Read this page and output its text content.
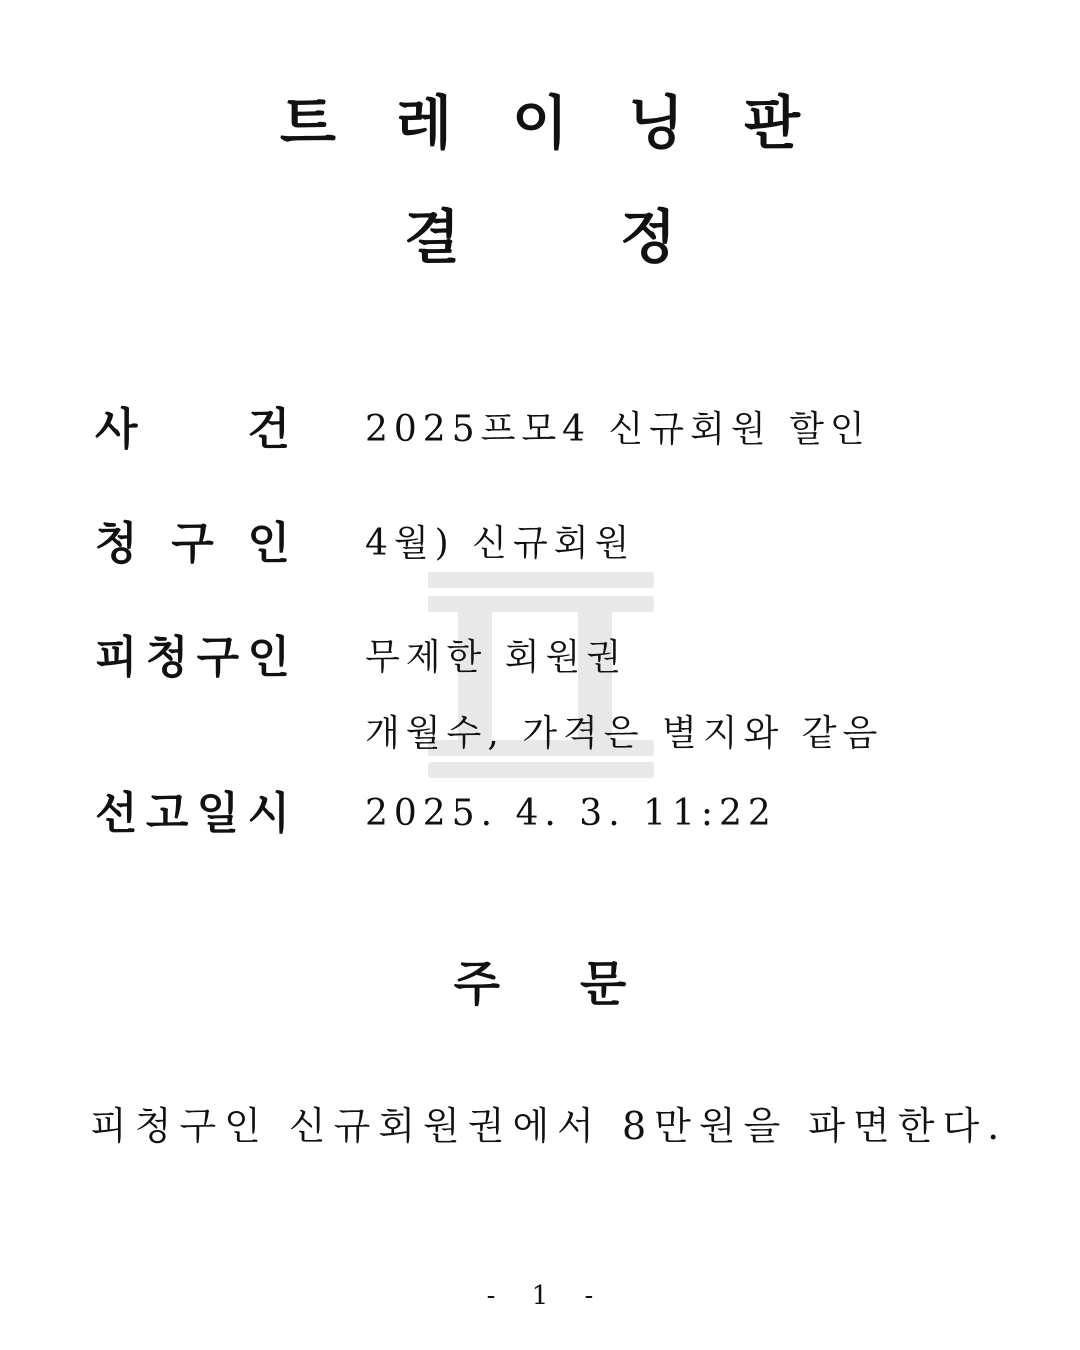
트레이닝판
결정
사 건 2025프모4 신규회원 할인
청 구 인 4월) 신규회원
피 청 구 인 무제한 회원권
개월수, 가격은 별지와 같음
선 고 일 시 2025. 4. 3. 11:22
주문
피청구인 신규회원권에서 8만원을 파면한다.
- 1 -
